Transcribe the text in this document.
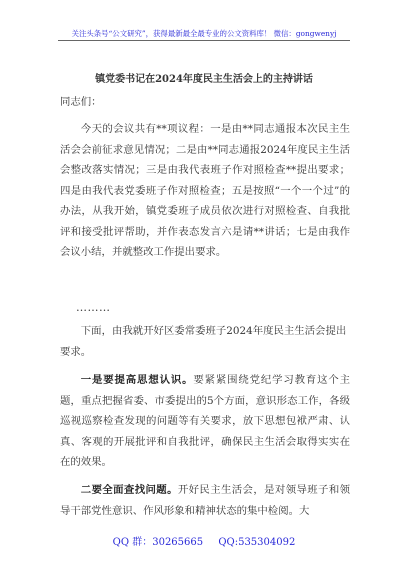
关注头条号“公文研究”，获得最新最全最专业的公文资料库！ 微信：gongwenyj
镇党委书记在2024年度民主生活会上的主持讲话
同志们：
今天的会议共有**项议程：一是由**同志通报本次民主生活会会前征求意见情况；二是由**同志通报2024年度民主生活会整改落实情况；三是由我代表班子作对照检查**提出要求；四是由我代表党委班子作对照检查；五是按照“一个一个过”的办法，从我开始，镇党委班子成员依次进行对照检查、自我批评和接受批评帮助，并作表态发言六是请**讲话；七是由我作会议小结，并就整改工作提出要求。
………
下面，由我就开好区委常委班子2024年度民主生活会提出要求。
一是要提高思想认识。要紧紧围绕党纪学习教育这个主题，重点把握省委、市委提出的5个方面，意识形态工作，各级巡视巡察检查发现的问题等有关要求，放下思想包袱严肃、认真、客观的开展批评和自我批评，确保民主生活会取得实实在在的效果。
二要全面查找问题。开好民主生活会，是对领导班子和领导干部党性意识、作风形象和精神状态的集中检阅。大
QQ 群：30265665 QQ:535304092
